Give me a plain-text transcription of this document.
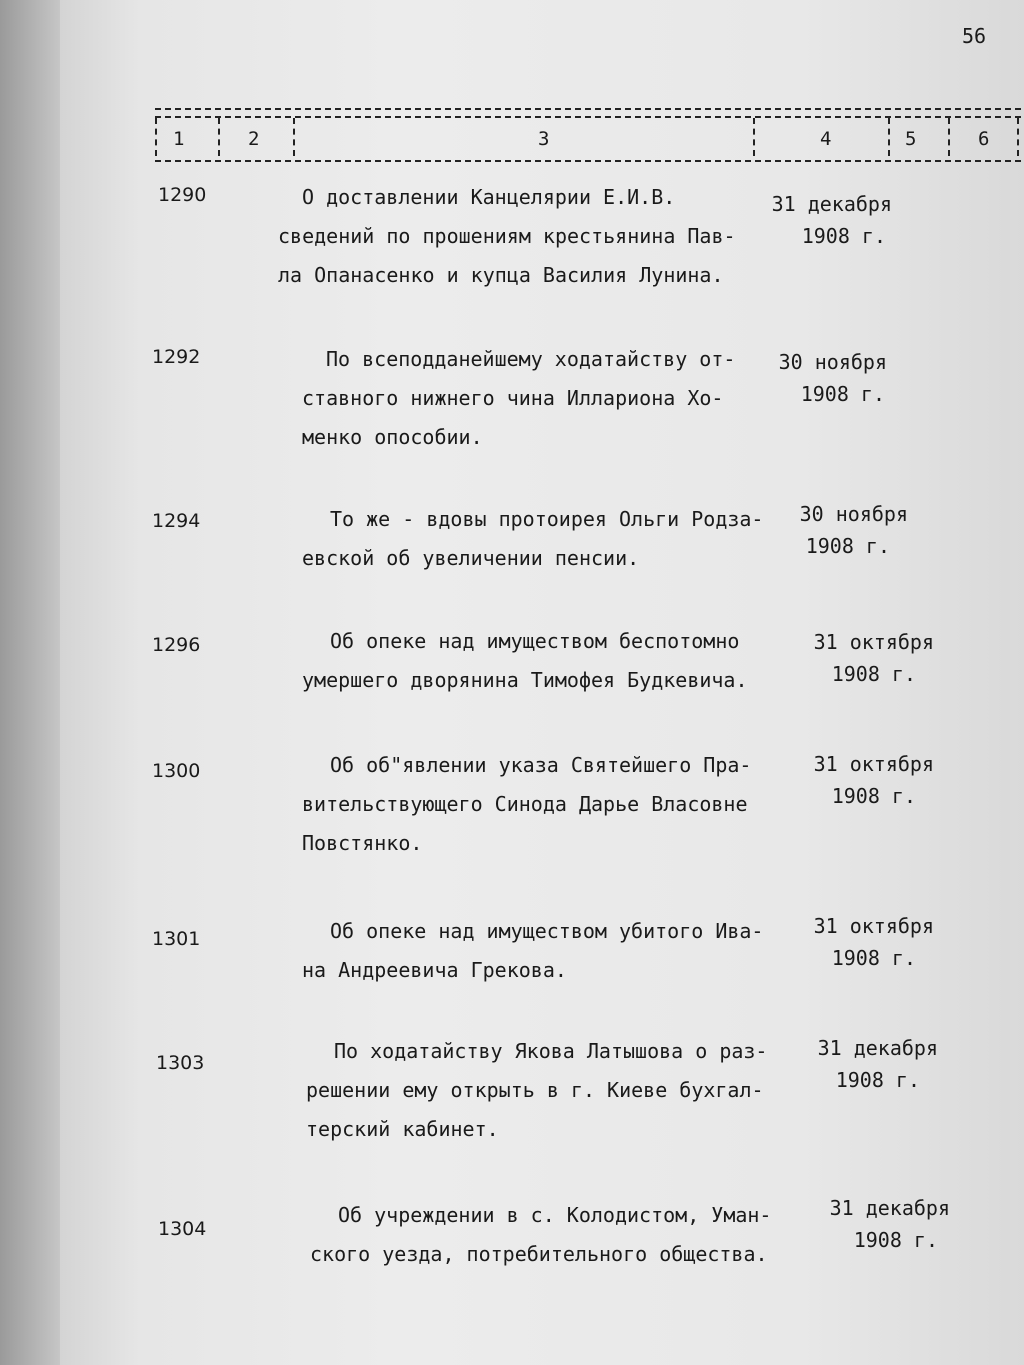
56
1	2	3	4	5	6
1290	О доставлении Канцелярии Е.И.В.
сведений по прошениям крестьянина Пав-
ла Опанасенко и купца Василия Лунина.
31 декабря
1908 г.
1292	По всеподданейшему ходатайству от-
ставного нижнего чина Иллариона Хо-
менко опособии.
30 ноября
1908 г.
1294	То же - вдовы протоирея Ольги Родза-
евской об увеличении пенсии.
30 ноября
1908 г.
1296	Об опеке над имуществом беспотомно
умершего дворянина Тимофея Будкевича.
31 октября
1908 г.
1300	Об об"явлении указа Святейшего Пра-
вительствующего Синода Дарье Власовне
Повстянко.
31 октября
1908 г.
1301	Об опеке над имуществом убитого Ива-
на Андреевича Грекова.
31 октября
1908 г.
1303	По ходатайству Якова Латышова о раз-
решении ему открыть в г. Киеве бухгал-
терский кабинет.
31 декабря
1908 г.
1304
Об учреждении в с. Колодистом, Уман-
ского уезда, потребительного общества.
31 декабря
1908 г.
